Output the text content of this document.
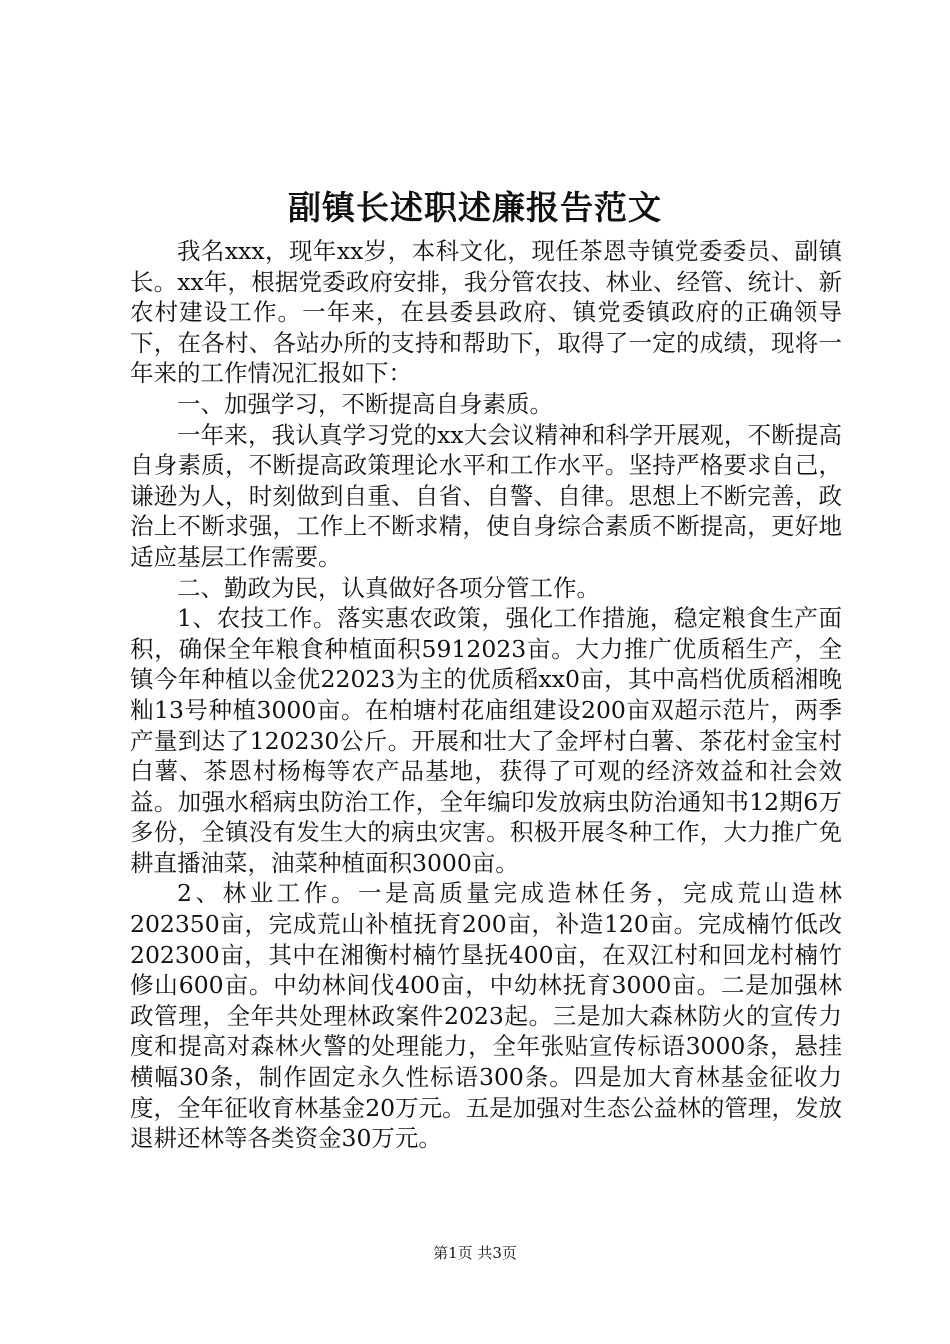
副镇长述职述廉报告范文

我名xxx，现年xx岁，本科文化，现任茶恩寺镇党委委员、副镇长。xx年，根据党委政府安排，我分管农技、林业、经管、统计、新农村建设工作。一年来，在县委县政府、镇党委镇政府的正确领导下，在各村、各站办所的支持和帮助下，取得了一定的成绩，现将一年来的工作情况汇报如下：

一、加强学习，不断提高自身素质。

一年来，我认真学习党的xx大会议精神和科学开展观，不断提高自身素质，不断提高政策理论水平和工作水平。坚持严格要求自己，谦逊为人，时刻做到自重、自省、自警、自律。思想上不断完善，政治上不断求强，工作上不断求精，使自身综合素质不断提高，更好地适应基层工作需要。

二、勤政为民，认真做好各项分管工作。

1、农技工作。落实惠农政策，强化工作措施，稳定粮食生产面积，确保全年粮食种植面积5912023亩。大力推广优质稻生产，全镇今年种植以金优22023为主的优质稻xx0亩，其中高档优质稻湘晚籼13号种植3000亩。在柏塘村花庙组建设200亩双超示范片，两季产量到达了120230公斤。开展和壮大了金坪村白薯、茶花村金宝村白薯、茶恩村杨梅等农产品基地，获得了可观的经济效益和社会效益。加强水稻病虫防治工作，全年编印发放病虫防治通知书12期6万多份，全镇没有发生大的病虫灾害。积极开展冬种工作，大力推广免耕直播油菜，油菜种植面积3000亩。

2、林业工作。一是高质量完成造林任务，完成荒山造林202350亩，完成荒山补植抚育200亩，补造120亩。完成楠竹低改202300亩，其中在湘衡村楠竹垦抚400亩，在双江村和回龙村楠竹修山600亩。中幼林间伐400亩，中幼林抚育3000亩。二是加强林政管理，全年共处理林政案件2023起。三是加大森林防火的宣传力度和提高对森林火警的处理能力，全年张贴宣传标语3000条，悬挂横幅30条，制作固定永久性标语300条。四是加大育林基金征收力度，全年征收育林基金20万元。五是加强对生态公益林的管理，发放退耕还林等各类资金30万元。

第1页 共3页
